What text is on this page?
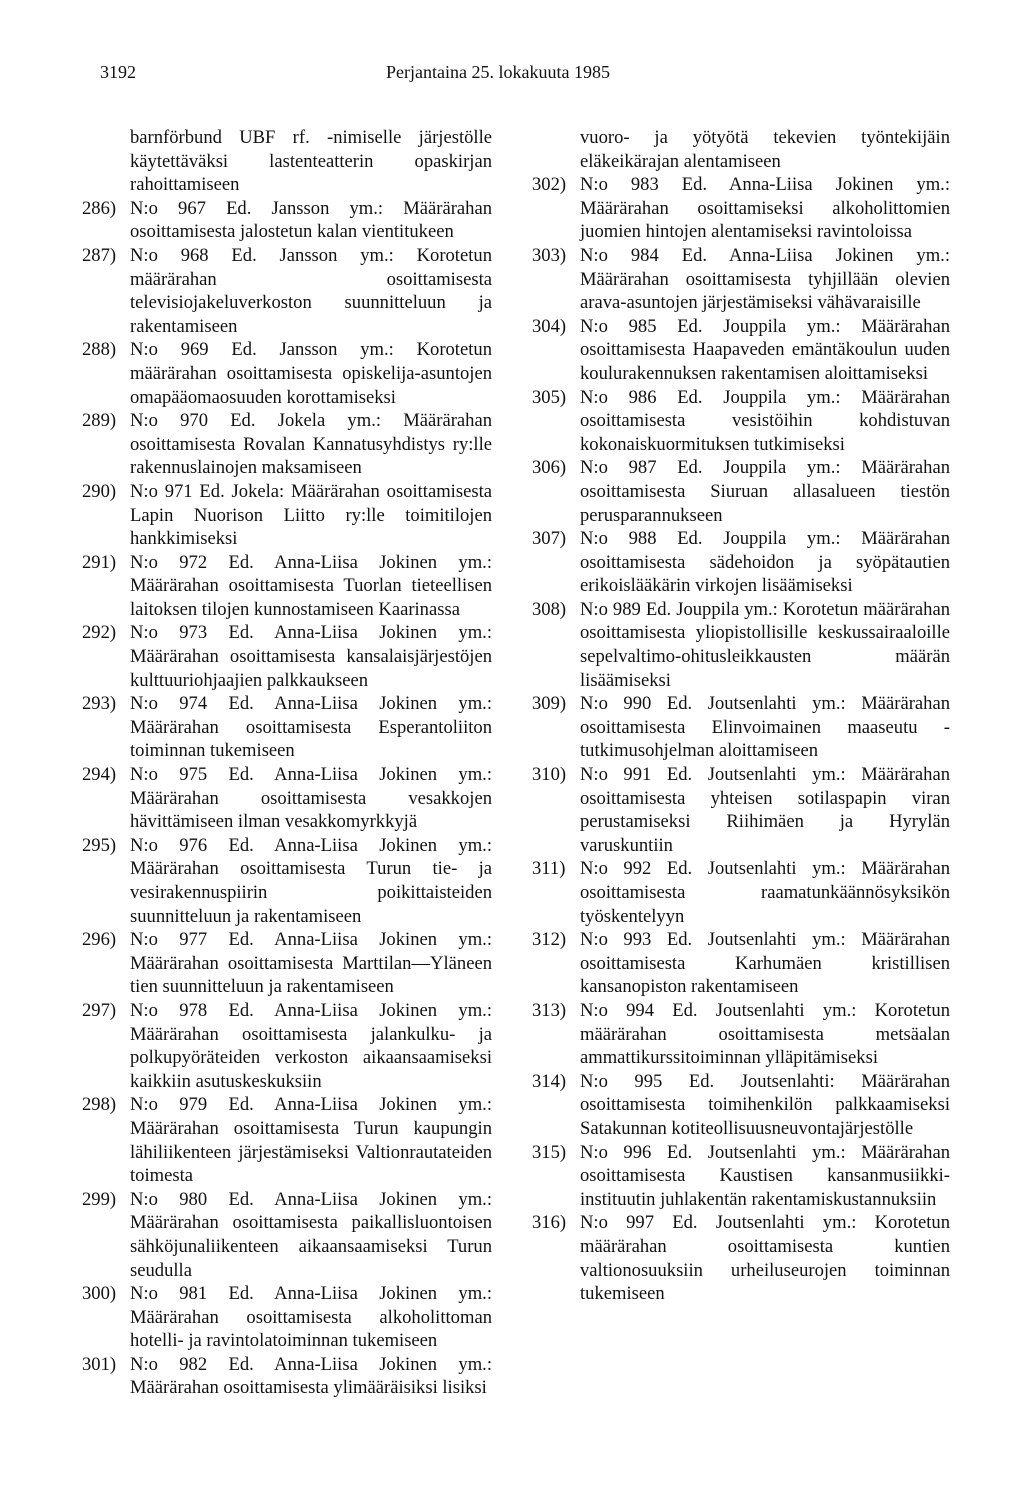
3192	Perjantaina 25. lokakuuta 1985
barnförbund UBF rf. -nimiselle järjestölle käytettäväksi lastenteatterin opaskirjan rahoittamiseen
286) N:o 967 Ed. Jansson ym.: Määrärahan osoittamisesta jalostetun kalan vientitukeen
287) N:o 968 Ed. Jansson ym.: Korotetun määrärahan osoittamisesta televisiojakeluverkoston suunnitteluun ja rakentamiseen
288) N:o 969 Ed. Jansson ym.: Korotetun määrärahan osoittamisesta opiskelija-asuntojen omapääomaosuuden korottamiseksi
289) N:o 970 Ed. Jokela ym.: Määrärahan osoittamisesta Rovalan Kannatusyhdistys ry:lle rakennuslainojen maksamiseen
290) N:o 971 Ed. Jokela: Määrärahan osoittamisesta Lapin Nuorison Liitto ry:lle toimitilojen hankkimiseksi
291) N:o 972 Ed. Anna-Liisa Jokinen ym.: Määrärahan osoittamisesta Tuorlan tieteellisen laitoksen tilojen kunnostamiseen Kaarinassa
292) N:o 973 Ed. Anna-Liisa Jokinen ym.: Määrärahan osoittamisesta kansalaisjärjestöjen kulttuuriohjaajien palkkaukseen
293) N:o 974 Ed. Anna-Liisa Jokinen ym.: Määrärahan osoittamisesta Esperantoliiton toiminnan tukemiseen
294) N:o 975 Ed. Anna-Liisa Jokinen ym.: Määrärahan osoittamisesta vesakkojen hävittämiseen ilman vesakkomyrkkyjä
295) N:o 976 Ed. Anna-Liisa Jokinen ym.: Määrärahan osoittamisesta Turun tie- ja vesirakennuspiirin poikittaisteiden suunnitteluun ja rakentamiseen
296) N:o 977 Ed. Anna-Liisa Jokinen ym.: Määrärahan osoittamisesta Marttilan—Yläneen tien suunnitteluun ja rakentamiseen
297) N:o 978 Ed. Anna-Liisa Jokinen ym.: Määrärahan osoittamisesta jalankulku- ja polkupyöräteiden verkoston aikaansaamiseksi kaikkiin asutuskeskuksiin
298) N:o 979 Ed. Anna-Liisa Jokinen ym.: Määrärahan osoittamisesta Turun kaupungin lähiliikenteen järjestämiseksi Valtionrautateiden toimesta
299) N:o 980 Ed. Anna-Liisa Jokinen ym.: Määrärahan osoittamisesta paikallisluontoisen sähköjunaliikenteen aikaansaamiseksi Turun seudulla
300) N:o 981 Ed. Anna-Liisa Jokinen ym.: Määrärahan osoittamisesta alkoholittoman hotelli- ja ravintolatoiminnan tukemiseen
301) N:o 982 Ed. Anna-Liisa Jokinen ym.: Määrärahan osoittamisesta ylimääräisiksi lisiksi
vuoro- ja yötyötä tekevien työntekijäin eläkeikärajan alentamiseen
302) N:o 983 Ed. Anna-Liisa Jokinen ym.: Määrärahan osoittamiseksi alkoholittomien juomien hintojen alentamiseksi ravintoloissa
303) N:o 984 Ed. Anna-Liisa Jokinen ym.: Määrärahan osoittamisesta tyhjillään olevien arava-asuntojen järjestämiseksi vähävaraisille
304) N:o 985 Ed. Jouppila ym.: Määrärahan osoittamisesta Haapaveden emäntäkoulun uuden koulurakennuksen rakentamisen aloittamiseksi
305) N:o 986 Ed. Jouppila ym.: Määrärahan osoittamisesta vesistöihin kohdistuvan kokonaiskuormituksen tutkimiseksi
306) N:o 987 Ed. Jouppila ym.: Määrärahan osoittamisesta Siuruan allasalueen tiestön perusparannukseen
307) N:o 988 Ed. Jouppila ym.: Määrärahan osoittamisesta sädehoidon ja syöpätautien erikoislääkärin virkojen lisäämiseksi
308) N:o 989 Ed. Jouppila ym.: Korotetun määrärahan osoittamisesta yliopistollisille keskussairaaloille sepelvaltimo-ohitusleikkausten määrän lisäämiseksi
309) N:o 990 Ed. Joutsenlahti ym.: Määrärahan osoittamisesta Elinvoimainen maaseutu -tutkimusohjelman aloittamiseen
310) N:o 991 Ed. Joutsenlahti ym.: Määrärahan osoittamisesta yhteisen sotilaspapin viran perustamiseksi Riihimäen ja Hyrylän varuskuntiin
311) N:o 992 Ed. Joutsenlahti ym.: Määrärahan osoittamisesta raamatunkäännösyksikön työskentelyyn
312) N:o 993 Ed. Joutsenlahti ym.: Määrärahan osoittamisesta Karhumäen kristillisen kansanopiston rakentamiseen
313) N:o 994 Ed. Joutsenlahti ym.: Korotetun määrärahan osoittamisesta metsäalan ammattikurssitoiminnan ylläpitämiseksi
314) N:o 995 Ed. Joutsenlahti: Määrärahan osoittamisesta toimihenkilön palkkaamiseksi Satakunnan kotiteollisuusneuvontajärjestölle
315) N:o 996 Ed. Joutsenlahti ym.: Määrärahan osoittamisesta Kaustisen kansanmusiikki-instituutin juhlakentän rakentamiskustannuksiin
316) N:o 997 Ed. Joutsenlahti ym.: Korotetun määrärahan osoittamisesta kuntien valtionosuuksiin urheiluseurojen toiminnan tukemiseen
